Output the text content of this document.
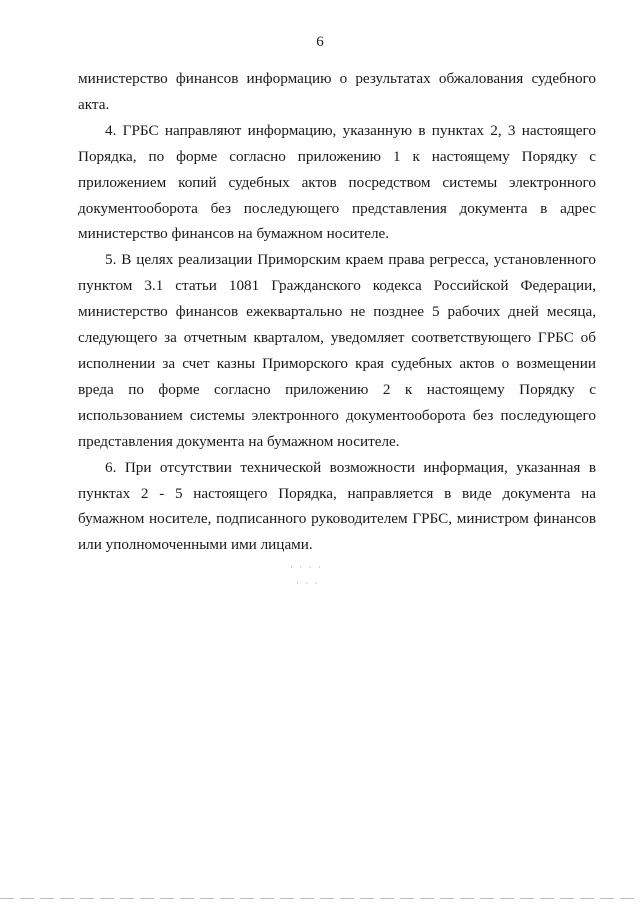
6

министерство финансов информацию о результатах обжалования судебного акта.

4. ГРБС направляют информацию, указанную в пунктах 2, 3 настоящего Порядка, по форме согласно приложению 1 к настоящему Порядку с приложением копий судебных актов посредством системы электронного документооборота без последующего представления документа в адрес министерство финансов на бумажном носителе.

5. В целях реализации Приморским краем права регресса, установленного пунктом 3.1 статьи 1081 Гражданского кодекса Российской Федерации, министерство финансов ежеквартально не позднее 5 рабочих дней месяца, следующего за отчетным кварталом, уведомляет соответствующего ГРБС об исполнении за счет казны Приморского края судебных актов о возмещении вреда по форме согласно приложению 2 к настоящему Порядку с использованием системы электронного документооборота без последующего представления документа на бумажном носителе.

6. При отсутствии технической возможности информация, указанная в пунктах 2 - 5 настоящего Порядка, направляется в виде документа на бумажном носителе, подписанного руководителем ГРБС, министром финансов или уполномоченными ими лицами.

· · · ·
· · ·
